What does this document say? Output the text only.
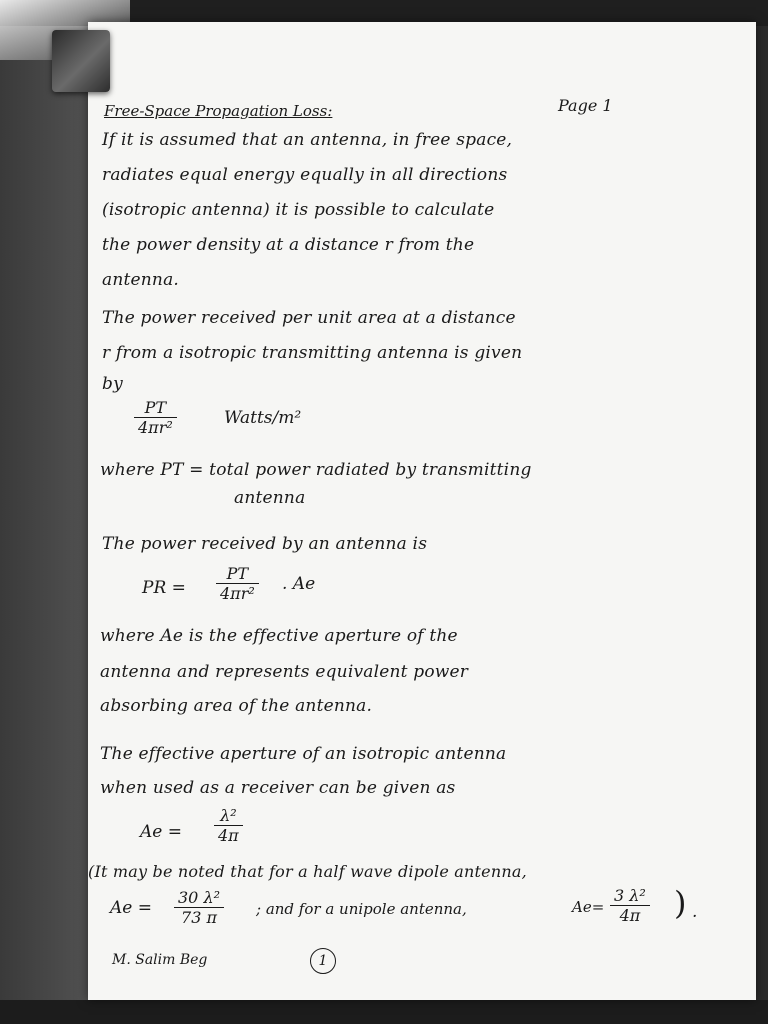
Free-Space Propagation Loss:	Page 1
If it is assumed that an antenna, in free space,
radiates equal energy equally in all directions
(isotropic antenna) it is possible to calculate
the power density at a distance r from the
antenna.
The power received per unit area at a distance
r from a isotropic transmitting antenna is given
by
$\frac{PT}{\text{4πr²}}$	Watts/m²
where PT = total power radiated by transmitting
antenna
The power received by an antenna is
PR = $\frac{PT}{\text{4πr²}}$ . Ae
where Ae is the effective aperture of the
antenna and represents equivalent power
absorbing area of the antenna.
The effective aperture of an isotropic antenna
when used as a receiver can be given as
$Ae = \frac{\text{λ²}}{4\pi}$
(It may be noted that for a half wave dipole antenna,
$Ae = \frac{\text{30 λ²}}{73 \pi}$ ; and for a unipole antenna,	$Ae= \frac{\text{3 λ²}}{4\pi}$ ) .
M. Salim Beg	1
